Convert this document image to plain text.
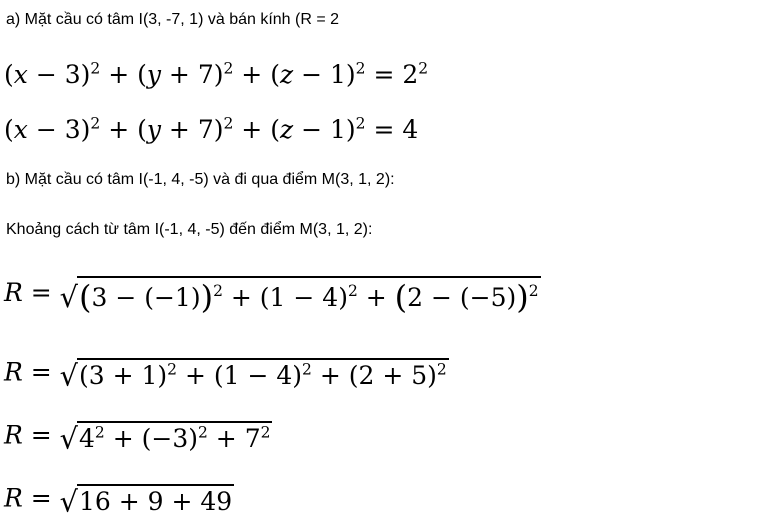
a) Mặt cầu có tâm I(3, -7, 1) và bán kính (R = 2
$(x - 3)^2 + (y + 7)^2 + (z - 1)^2 = 2^2$
$(x - 3)^2 + (y + 7)^2 + (z - 1)^2 = 4$
b) Mặt cầu có tâm I(-1, 4, -5) và đi qua điểm M(3, 1, 2):
Khoảng cách từ tâm I(-1, 4, -5) đến điểm M(3, 1, 2):
$R = √(3 - (-1))^2 + (1 - 4)^2 + (2 - (-5))^2$
$R = √(3 + 1)^2 + (1 - 4)^2 + (2 + 5)^2$
$R = √4^2 + (-3)^2 + 7^2$
R = √16 + 9 + 49
